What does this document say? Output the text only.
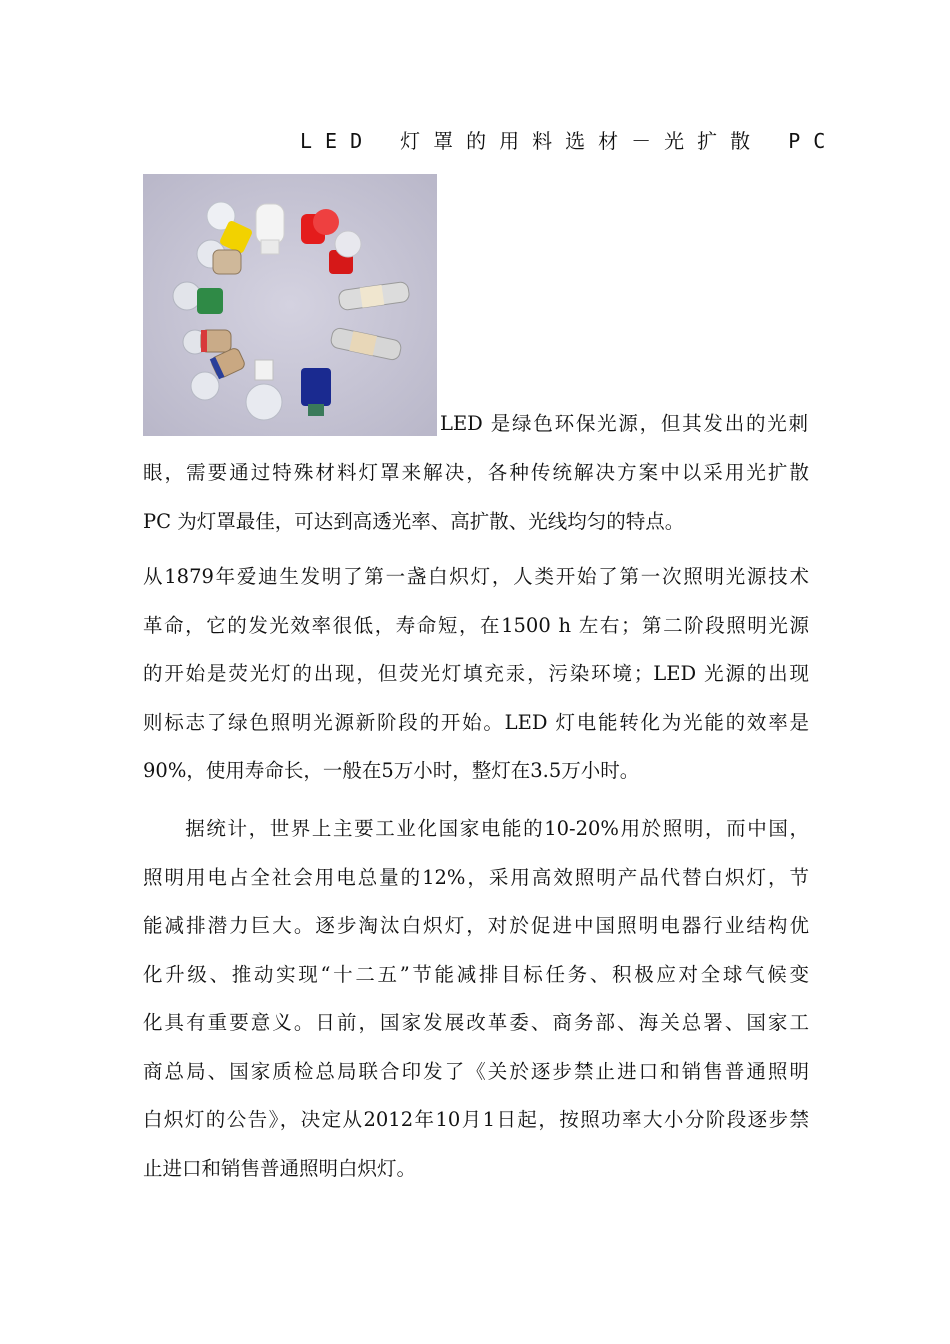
LED 灯罩的用料选材－光扩散 PC
LED 是绿色环保光源，但其发出的光刺
眼，需要通过特殊材料灯罩来解决，各种传统解决方案中以采用光扩散
PC 为灯罩最佳，可达到高透光率、高扩散、光线均匀的特点。
从1879年爱迪生发明了第一盏白炽灯，人类开始了第一次照明光源技术
革命，它的发光效率很低，寿命短，在1500 h 左右；第二阶段照明光源
的开始是荧光灯的出现，但荧光灯填充汞，污染环境；LED 光源的出现
则标志了绿色照明光源新阶段的开始。LED 灯电能转化为光能的效率是
90%，使用寿命长，一般在5万小时，整灯在3.5万小时。
　　据统计，世界上主要工业化国家电能的10-20%用於照明，而中国，
照明用电占全社会用电总量的12%，采用高效照明产品代替白炽灯，节
能减排潜力巨大。逐步淘汰白炽灯，对於促进中国照明电器行业结构优
化升级、推动实现“十二五”节能减排目标任务、积极应对全球气候变
化具有重要意义。日前，国家发展改革委、商务部、海关总署、国家工
商总局、国家质检总局联合印发了《关於逐步禁止进口和销售普通照明
白炽灯的公告》，决定从2012年10月1日起，按照功率大小分阶段逐步禁
止进口和销售普通照明白炽灯。
